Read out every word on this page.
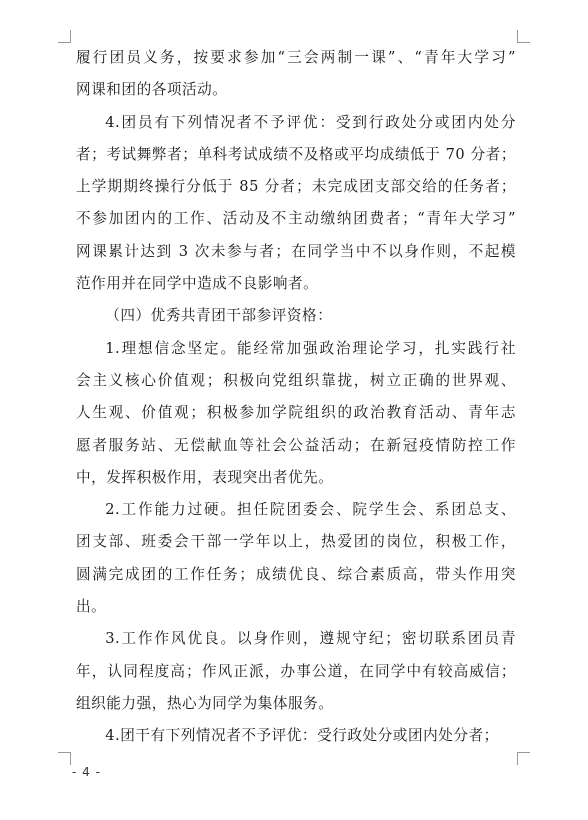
履行团员义务，按要求参加“三会两制一课”、“青年大学习”
网课和团的各项活动。
4.团员有下列情况者不予评优：受到行政处分或团内处分
者；考试舞弊者；单科考试成绩不及格或平均成绩低于 70 分者；
上学期期终操行分低于 85 分者；未完成团支部交给的任务者；
不参加团内的工作、活动及不主动缴纳团费者；“青年大学习”
网课累计达到 3 次未参与者；在同学当中不以身作则，不起模
范作用并在同学中造成不良影响者。
（四）优秀共青团干部参评资格：
1.理想信念坚定。能经常加强政治理论学习，扎实践行社
会主义核心价值观；积极向党组织靠拢，树立正确的世界观、
人生观、价值观；积极参加学院组织的政治教育活动、青年志
愿者服务站、无偿献血等社会公益活动；在新冠疫情防控工作
中，发挥积极作用，表现突出者优先。
2.工作能力过硬。担任院团委会、院学生会、系团总支、
团支部、班委会干部一学年以上，热爱团的岗位，积极工作，
圆满完成团的工作任务；成绩优良、综合素质高，带头作用突
出。
3.工作作风优良。以身作则，遵规守纪；密切联系团员青
年，认同程度高；作风正派，办事公道，在同学中有较高威信；
组织能力强，热心为同学为集体服务。
4.团干有下列情况者不予评优：受行政处分或团内处分者；
- 4 -
